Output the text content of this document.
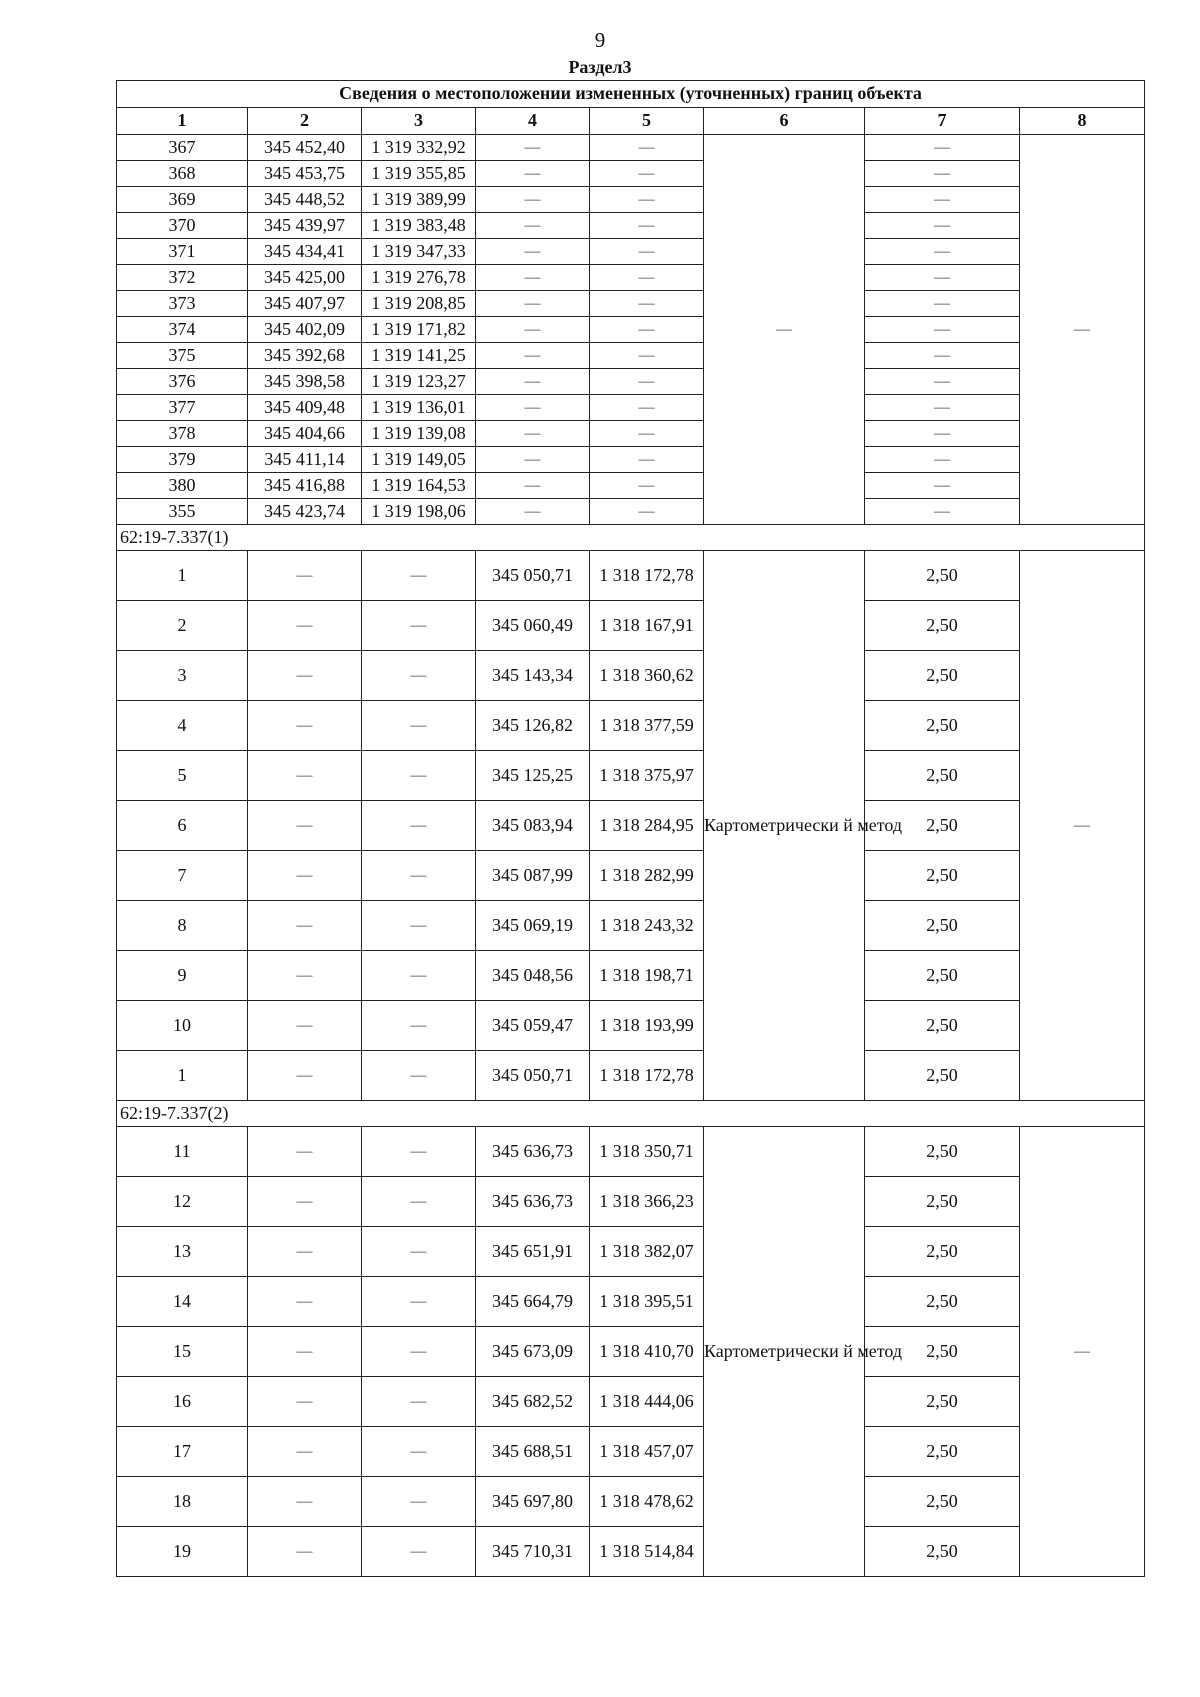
9
Раздел3
Сведения о местоположении измененных (уточненных) границ объекта							
1	2	3	4	5	6	7	8
367	345 452,40	1 319 332,92	—	—	—	—	—
368	345 453,75	1 319 355,85	—	—		—	
369	345 448,52	1 319 389,99	—	—		—	
370	345 439,97	1 319 383,48	—	—		—	
371	345 434,41	1 319 347,33	—	—		—	
372	345 425,00	1 319 276,78	—	—		—	
373	345 407,97	1 319 208,85	—	—		—	
374	345 402,09	1 319 171,82	—	—		—	
375	345 392,68	1 319 141,25	—	—		—	
376	345 398,58	1 319 123,27	—	—		—	
377	345 409,48	1 319 136,01	—	—		—	
378	345 404,66	1 319 139,08	—	—		—	
379	345 411,14	1 319 149,05	—	—		—	
380	345 416,88	1 319 164,53	—	—		—	
355	345 423,74	1 319 198,06	—	—		—	
62:19-7.337(1)							
1	—	—	345 050,71	1 318 172,78	Картометрически й метод	2,50	—
2	—	—	345 060,49	1 318 167,91		2,50	
3	—	—	345 143,34	1 318 360,62		2,50	
4	—	—	345 126,82	1 318 377,59		2,50	
5	—	—	345 125,25	1 318 375,97		2,50	
6	—	—	345 083,94	1 318 284,95		2,50	
7	—	—	345 087,99	1 318 282,99		2,50	
8	—	—	345 069,19	1 318 243,32		2,50	
9	—	—	345 048,56	1 318 198,71		2,50	
10	—	—	345 059,47	1 318 193,99		2,50	
1	—	—	345 050,71	1 318 172,78		2,50	
62:19-7.337(2)							
11	—	—	345 636,73	1 318 350,71	Картометрически й метод	2,50	—
12	—	—	345 636,73	1 318 366,23		2,50	
13	—	—	345 651,91	1 318 382,07		2,50	
14	—	—	345 664,79	1 318 395,51		2,50	
15	—	—	345 673,09	1 318 410,70		2,50	
16	—	—	345 682,52	1 318 444,06		2,50	
17	—	—	345 688,51	1 318 457,07		2,50	
18	—	—	345 697,80	1 318 478,62		2,50	
19	—	—	345 710,31	1 318 514,84		2,50	
